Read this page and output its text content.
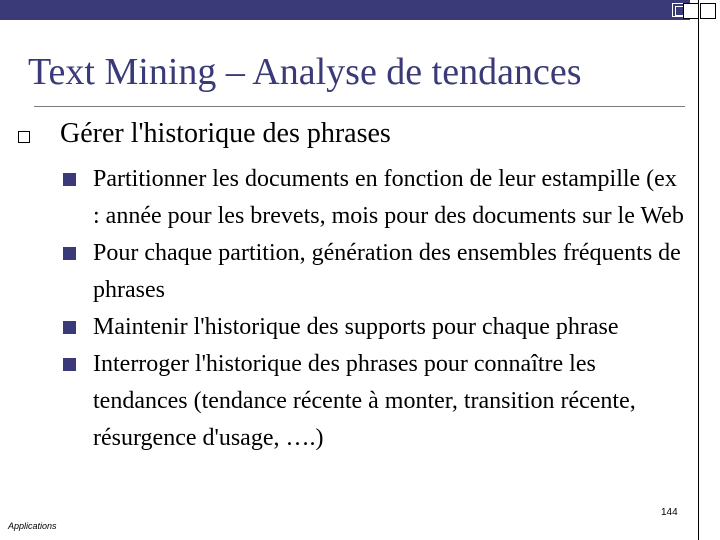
Text Mining – Analyse de tendances
Gérer l'historique des phrases
Partitionner les documents en fonction de leur estampille (ex : année pour les brevets, mois pour des documents sur le Web
Pour chaque partition, génération des ensembles fréquents de phrases
Maintenir l'historique des supports pour chaque phrase
Interroger l'historique des phrases pour connaître les tendances (tendance récente à monter, transition récente, résurgence d'usage, ….)
144
Applications
